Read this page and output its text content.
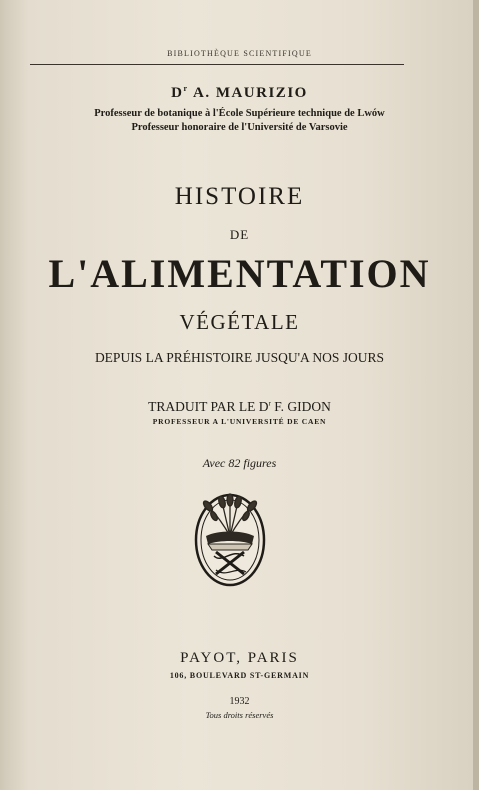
BIBLIOTHÈQUE SCIENTIFIQUE
$D^r$ A. MAURIZIO
Professeur de botanique à l'École Supérieure technique de Lwów
Professeur honoraire de l'Université de Varsovie
HISTOIRE
DE
L'ALIMENTATION
VÉGÉTALE
DEPUIS LA PRÉHISTOIRE JUSQU'A NOS JOURS
TRADUIT PAR LE $D^r$ F. GIDON
PROFESSEUR A L'UNIVERSITÉ DE CAEN
Avec 82 figures
PAYOT, PARIS
106, BOULEVARD ST-GERMAIN
1932
Tous droits réservés
